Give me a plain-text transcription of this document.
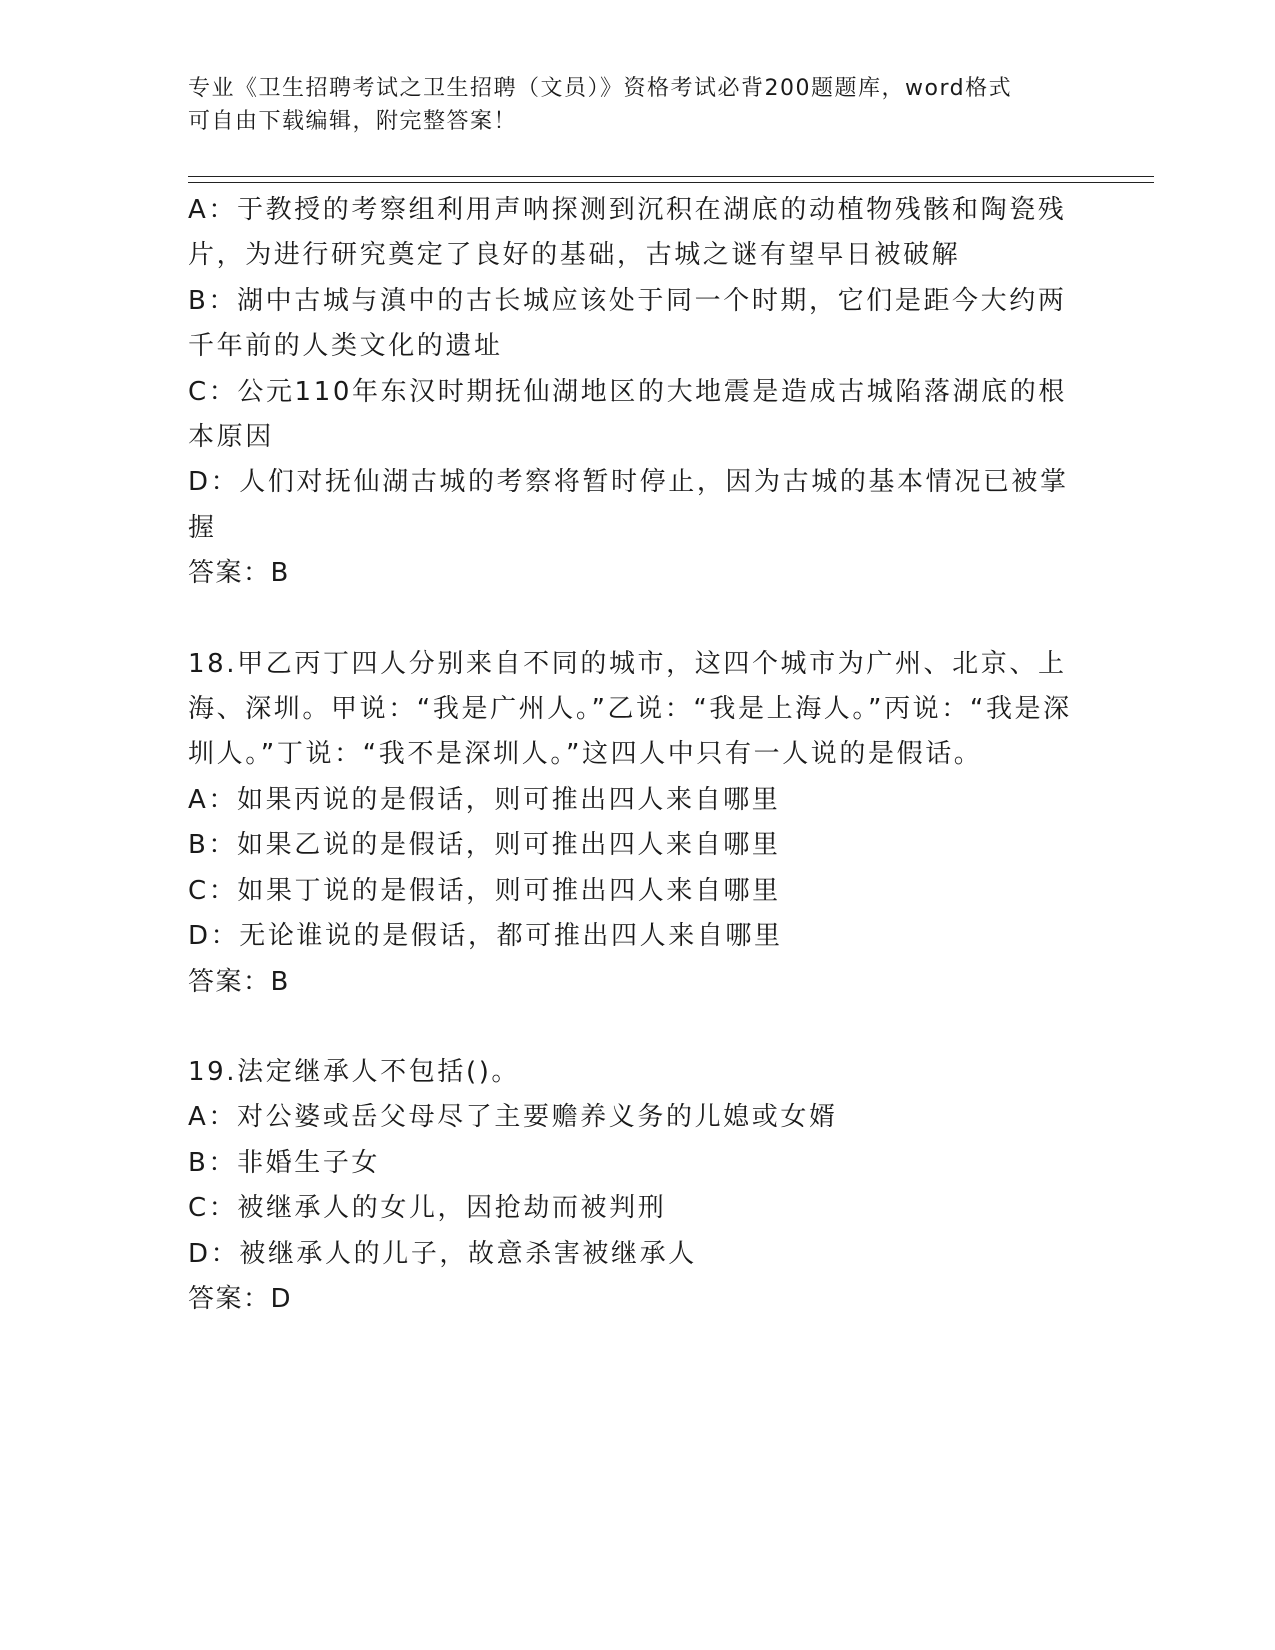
专业《卫生招聘考试之卫生招聘（文员）》资格考试必背200题题库，word格式
可自由下载编辑，附完整答案！
A：于教授的考察组利用声呐探测到沉积在湖底的动植物残骸和陶瓷残片，为进行研究奠定了良好的基础，古城之谜有望早日被破解
B：湖中古城与滇中的古长城应该处于同一个时期，它们是距今大约两千年前的人类文化的遗址
C：公元110年东汉时期抚仙湖地区的大地震是造成古城陷落湖底的根本原因
D：人们对抚仙湖古城的考察将暂时停止，因为古城的基本情况已被掌握
答案：B
18.甲乙丙丁四人分别来自不同的城市，这四个城市为广州、北京、上海、深圳。甲说：“我是广州人。”乙说：“我是上海人。”丙说：“我是深圳人。”丁说：“我不是深圳人。”这四人中只有一人说的是假话。
A：如果丙说的是假话，则可推出四人来自哪里
B：如果乙说的是假话，则可推出四人来自哪里
C：如果丁说的是假话，则可推出四人来自哪里
D：无论谁说的是假话，都可推出四人来自哪里
答案：B
19.法定继承人不包括()。
A：对公婆或岳父母尽了主要赡养义务的儿媳或女婿
B：非婚生子女
C：被继承人的女儿，因抢劫而被判刑
D：被继承人的儿子，故意杀害被继承人
答案：D
